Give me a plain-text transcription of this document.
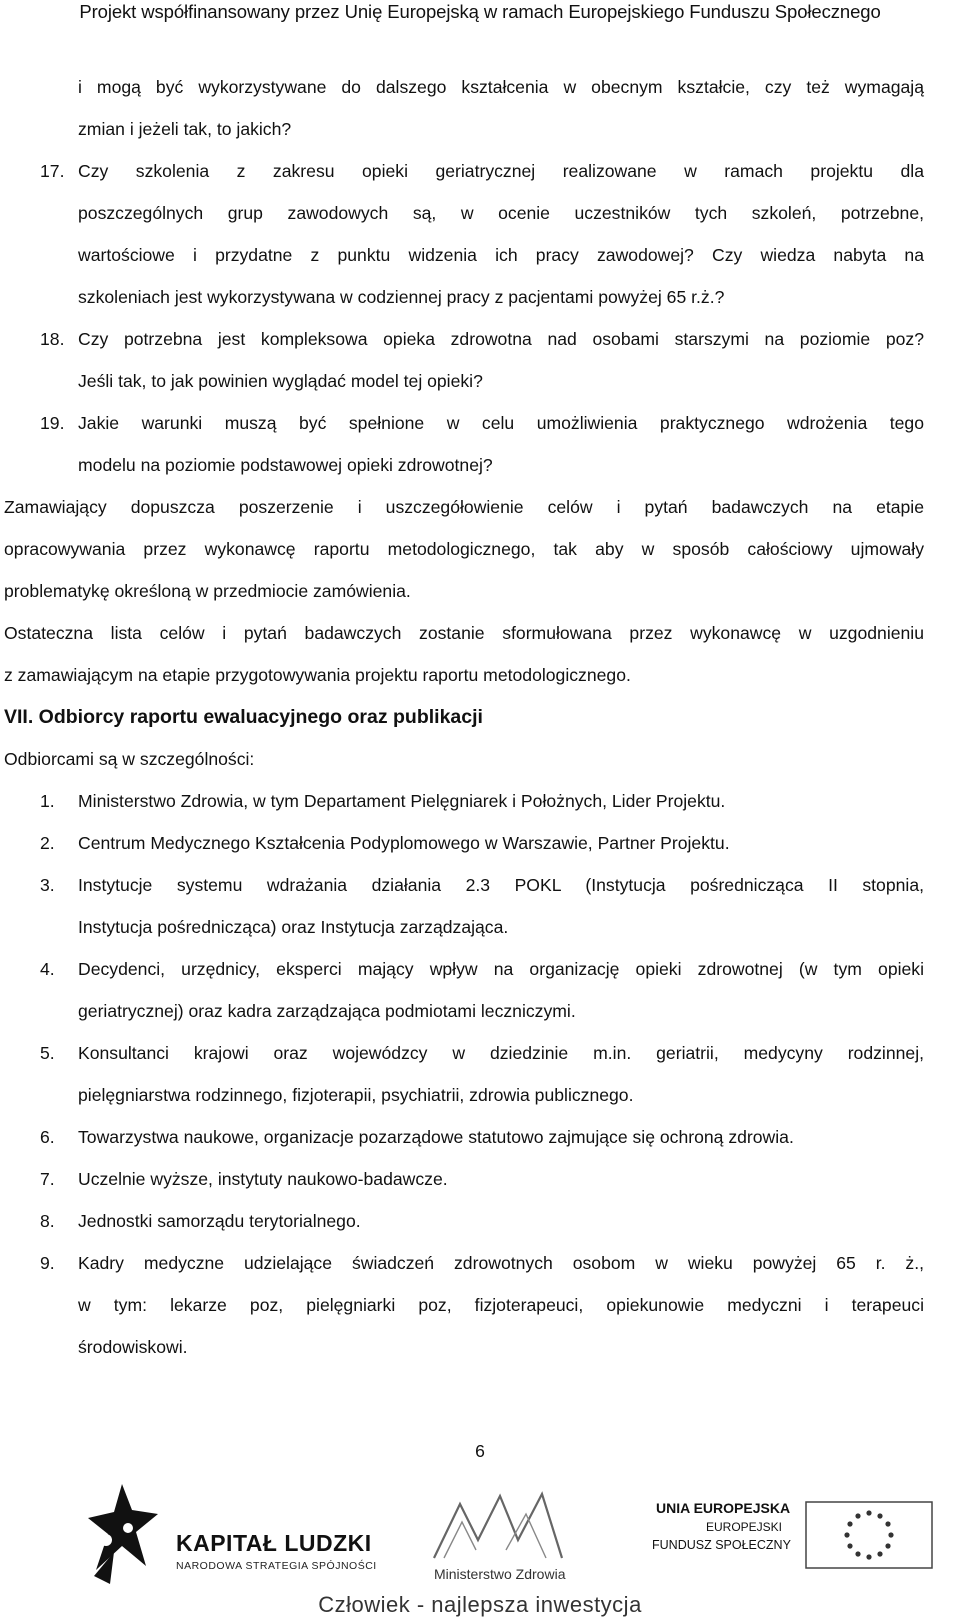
Projekt współfinansowany przez Unię Europejską w ramach Europejskiego Funduszu Społecznego

i mogą być wykorzystywane do dalszego kształcenia w obecnym kształcie, czy też wymagają

zmian i jeżeli tak, to jakich?

17. Czy szkolenia z zakresu opieki geriatrycznej realizowane w ramach projektu dla

poszczególnych grup zawodowych są, w ocenie uczestników tych szkoleń, potrzebne,

wartościowe i przydatne z punktu widzenia ich pracy zawodowej? Czy wiedza nabyta na

szkoleniach jest wykorzystywana w codziennej pracy z pacjentami powyżej 65 r.ż.?

18. Czy potrzebna jest kompleksowa opieka zdrowotna nad osobami starszymi na poziomie poz?

Jeśli tak, to jak powinien wyglądać model tej opieki?

19. Jakie warunki muszą być spełnione w celu umożliwienia praktycznego wdrożenia tego

modelu na poziomie podstawowej opieki zdrowotnej?

Zamawiający dopuszcza poszerzenie i uszczegółowienie celów i pytań badawczych na etapie

opracowywania przez wykonawcę raportu metodologicznego, tak aby w sposób całościowy ujmowały

problematykę określoną w przedmiocie zamówienia.

Ostateczna lista celów i pytań badawczych zostanie sformułowana przez wykonawcę w uzgodnieniu

z zamawiającym na etapie przygotowywania projektu raportu metodologicznego.

VII. Odbiorcy raportu ewaluacyjnego oraz publikacji

Odbiorcami są w szczególności:

1.	Ministerstwo Zdrowia, w tym Departament Pielęgniarek i Położnych, Lider Projektu.

2.	Centrum Medycznego Kształcenia Podyplomowego w Warszawie, Partner Projektu.

3.	Instytucje systemu wdrażania działania 2.3 POKL (Instytucja pośrednicząca II stopnia,

Instytucja pośrednicząca) oraz Instytucja zarządzająca.

4.	Decydenci, urzędnicy, eksperci mający wpływ na organizację opieki zdrowotnej (w tym opieki

geriatrycznej) oraz kadra zarządzająca podmiotami leczniczymi.

5.	Konsultanci krajowi oraz wojewódzcy w dziedzinie m.in. geriatrii, medycyny rodzinnej,

pielęgniarstwa rodzinnego, fizjoterapii, psychiatrii, zdrowia publicznego.

6.	Towarzystwa naukowe, organizacje pozarządowe statutowo zajmujące się ochroną zdrowia.

7.	Uczelnie wyższe, instytuty naukowo-badawcze.

8.	Jednostki samorządu terytorialnego.

9.	Kadry medyczne udzielające świadczeń zdrowotnych osobom w wieku powyżej 65 r. ż.,

w tym: lekarze poz, pielęgniarki poz, fizjoterapeuci, opiekunowie medyczni i terapeuci

środowiskowi.

6
KAPITAŁ LUDZKI
NARODOWA STRATEGIA SPÓJNOŚCI	Ministerstwo Zdrowia
UNIA EUROPEJSKA
EUROPEJSKI
FUNDUSZ SPOŁECZNY
Człowiek - najlepsza inwestycja
